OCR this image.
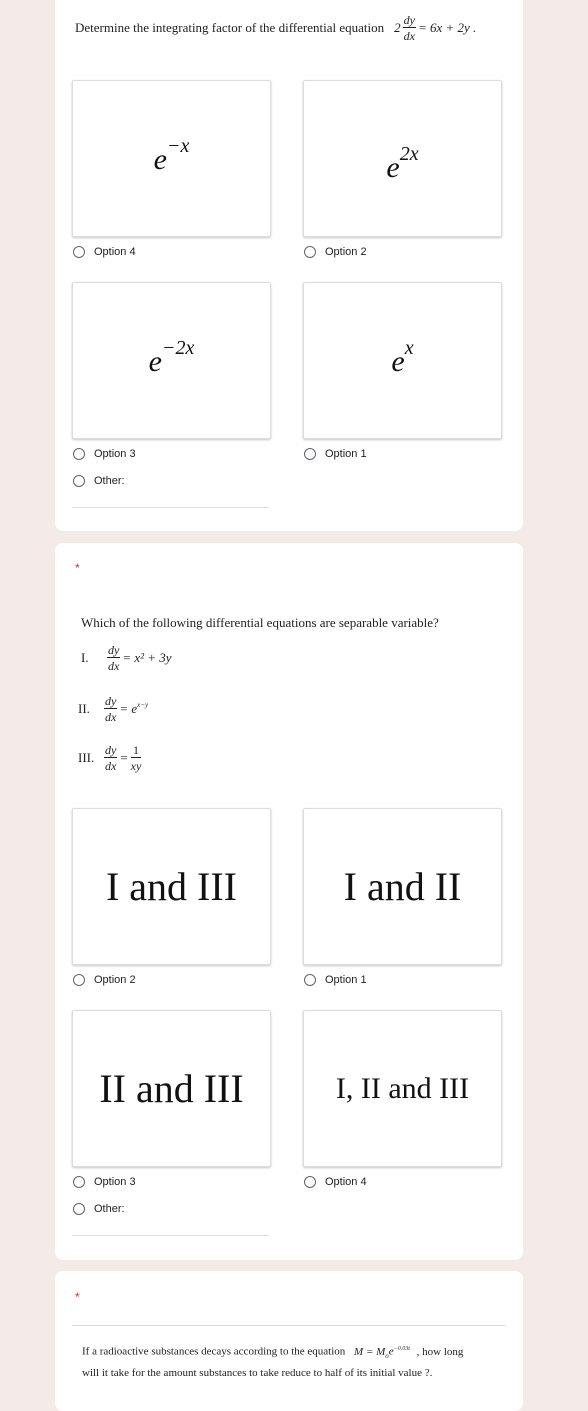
Determine the integrating factor of the differential equation $2 \frac{dy}{dx} = 6x + 2y$ .
$e^{-x}$
$e^{2x}$
Option 4	Option 2
$e^{-2x}$	$e^x$
Option 3	Option 1
Other:
*
Which of the following differential equations are separable variable?
I.	$\frac{dy}{dx} = x^2 + 3y$
II.	$\frac{dy}{dx} = e^{x-y}$
III. $\frac{dy}{dx} = \frac{1}{xy}$
I and III	I and II
Option 2	Option 1
II and III	I, II and III
Option 3	Option 4
Other:
*
If a radioactive substances decays according to the equation $M = M_oe^{-0.03t}$ , how long
will it take for the amount substances to take reduce to half of its initial value ?.
